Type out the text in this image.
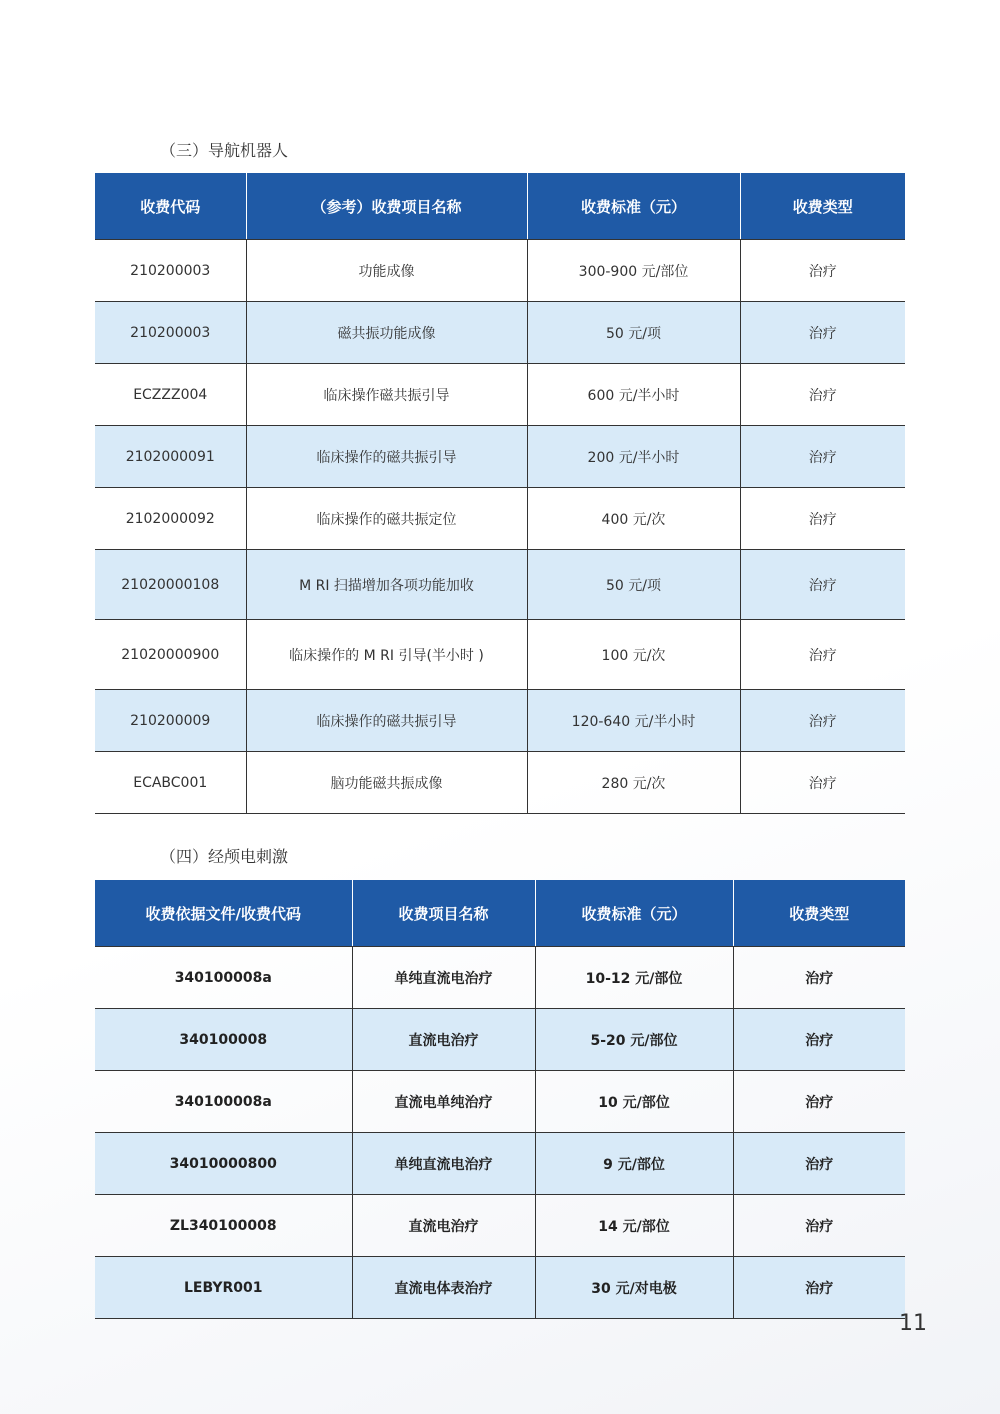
（三）导航机器人
收费代码	（参考）收费项目名称	收费标准（元）	收费类型
210200003	功能成像	300-900 元/部位	治疗
210200003	磁共振功能成像	50 元/项	治疗
ECZZZ004	临床操作磁共振引导	600 元/半小时	治疗
2102000091	临床操作的磁共振引导	200 元/半小时	治疗
2102000092	临床操作的磁共振定位	400 元/次	治疗
21020000108	M RI 扫描增加各项功能加收	50 元/项	治疗
21020000900	临床操作的 M RI 引导(半小时 )	100 元/次	治疗
210200009	临床操作的磁共振引导	120-640 元/半小时	治疗
ECABC001	脑功能磁共振成像	280 元/次	治疗
（四）经颅电刺激
收费依据文件/收费代码	收费项目名称	收费标准（元）	收费类型
340100008a	单纯直流电治疗	10-12 元/部位	治疗
340100008	直流电治疗	5-20 元/部位	治疗
340100008a	直流电单纯治疗	10 元/部位	治疗
34010000800	单纯直流电治疗	9 元/部位	治疗
ZL340100008	直流电治疗	14 元/部位	治疗
LEBYR001	直流电体表治疗	30 元/对电极	治疗
11
